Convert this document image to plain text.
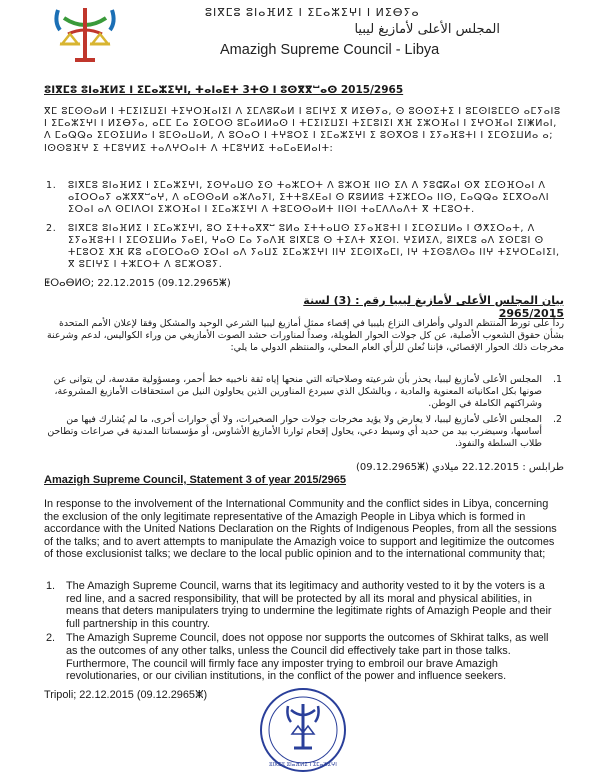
ⵓⵏⴳⵎⵓ ⵓⵏⴰⴼⵍⵉ ⵏ ⵉⵎⴰⵣⵉⵖⵏ ⵏ ⵍⵉⴱⵢⴰ
المجلس الأعلى لأمازيغ ليبيا
Amazigh Supreme Council - Libya
ⵓⵏⴳⵎⵓ ⵓⵏⴰⴼⵍⵉ ⵏ ⵉⵎⴰⵣⵉⵖⵏ, ⵜⴰⵏⴰⴹⵜ 3ⵜⵙ ⵏ ⵓⵙⴳⴳⵯⴰⵙ 2015/2965
ⴳⵎ ⵓⵎⵙⵙⴰⵍ ⵏ ⵜⵎⵉⵏⵉⵡⵉⵏ ⵜⵉⵖⵔⴼⴰⵏⵉⵏ ⴷ ⵉⵎⴷⵓⴽⴰⵍ ⵏ ⵓⵎⵏⵖⵉ ⴳ ⵍⵉⴱⵢⴰ, ⵙ ⵓⵙⵙⵉⵜⵉ ⵏ ⵓⵎⵙⵏⵓⵎⵎⵙ ⴰⵎⵢⴰⵏⵓ ⵏ ⵉⵎⴰⵣⵉⵖⵏ ⵏ ⵍⵉⴱⵢⴰ, ⴰⵎⵎ ⵎⴰ ⵉⵙⵎⵔⵙ ⵓⵎⴰⵍⵍⴰⵙ ⵏ ⵜⵎⵉⵏⵉⵡⵉⵏ ⵜⵉⵎⵓⵏⵉⵏ ⵅⴼ ⵉⵣⵔⴼⴰⵏ ⵏ ⵉⵖⵔⴼⴰⵏ ⵉⵏⵥⵍⴰⵏ, ⴷ ⵎⴰⵕⵕⴰ ⵉⵎⵙⵉⵡⵍⴰ ⵏ ⵓⵎⵙⴰⵡⴰⵍ, ⴷ ⵓⵔⴰⵔ ⵏ ⵜⵖⵓⵔⵉ ⵏ ⵉⵎⴰⵣⵉⵖⵏ ⵉ ⵓⵙⴳⵔⵓ ⵏ ⵉⵢⴰⴼⵓⵜⵏ ⵏ ⵉⵎⵙⵉⵡⵍⴰ ⴰ; ⵏⵙⵙⵓⴼⵖ ⵉ ⵜⵎⵓⵖⵍⵉ ⵜⴰⴷⵖⵔⴰⵏⵜ ⴷ ⵜⵎⵓⵖⵍⵉ ⵜⴰⵎⴰⴹⵍⴰⵏⵜ:
1. ⵓⵏⴳⵎⵓ ⵓⵏⴰⴼⵍⵉ ⵏ ⵉⵎⴰⵣⵉⵖⵏ, ⵉⵙⵖⴰⵡⵙ ⵉⵙ ⵜⴰⵣⵎⵔⵜ ⴷ ⵓⵣⵔⴼ ⵏⵏⵙ ⵉⴷ ⴷ ⵢⵓⵛⴽⴰⵏ ⵙⴳ ⵉⵎⵙⴼⵔⴰⵏ ⴷ ⴰⵊⵔⵔⴰⵢ ⴰⵣⴳⴳⵯⴰⵖ, ⴷ ⴰⵎⵙⵙⴰⵍ ⴰⵣⴷⴰⵢⵏ, ⵉⵜⵜⵓⵃⴹⴰⵏ ⵙ ⴽⵓⵍⵍⵓ ⵜⵉⵣⵎⵔⴰ ⵏⵏⵙ, ⵎⴰⵕⵕⴰ ⵉⵎⴳⵔⴰⴷⵏ ⵉⵔⴰⵏ ⴰⴷ ⵙⵎⵏⴷⵔⵏ ⵉⵣⵔⴼⴰⵏ ⵏ ⵉⵎⴰⵣⵉⵖⵏ ⴷ ⵜⵓⵎⵙⵙⴰⵍⵜ ⵏⵏⵙⵏ ⵜⴰⵎⴷⴷⴰⴷⵜ ⴳ ⵜⵎⵓⵔⵜ.
2. ⵓⵏⴳⵎⵓ ⵓⵏⴰⴼⵍⵉ ⵏ ⵉⵎⴰⵣⵉⵖⵏ, ⵓⵔ ⵉⵜⵜⴰⴳⴳⵯ ⵓⵍⴰ ⵉⵜⵜⴰⵡⵙ ⵉⵢⴰⴼⵓⵜⵏ ⵏ ⵉⵎⵙⵉⵡⵍⴰ ⵏ ⵚⵅⵉⵔⴰⵜ, ⴷ ⵉⵢⴰⴼⵓⵜⵏ ⵏ ⵉⵎⵙⵉⵡⵍⴰ ⵢⴰⴹⵏ, ⵖⴰⵙ ⵎⴰ ⵢⴰⴷⴼ ⵓⵏⴳⵎⵓ ⵙ ⵜⵉⴷⵜ ⴳⵉⵙⵏ. ⵖⵉⵍⵉⴷ, ⵓⵏⴳⵎⵓ ⴰⴷ ⵉⵙⵎⵓⵏ ⵙ ⵜⵎⵓⵔⵉ ⵅⴼ ⴽⵓ ⴰⵎⵙⵎⵔⴰⵙ ⵉⵔⴰⵏ ⴰⴷ ⵢⴰⵡⵉ ⵉⵎⴰⵣⵉⵖⵏ ⵏⵏⵖ ⵉⵎⵙⵏⴳⴰⵎⵏ, ⵏⵖ ⵜⵉⵙⵓⴷⵙⴰ ⵏⵏⵖ ⵜⵉⵖⵔⵎⴰⵏⵉⵏ, ⴳ ⵓⵎⵏⵖⵉ ⵏ ⵜⵣⵎⵔⵜ ⴷ ⵓⵎⵣⵔⵓⵢ.
ⵟⵔⴰⴱⵍⵙ; 22.12.2015 (09.12.2965ⵥ)
بيان المجلس الأعلى لأمازيغ ليبيا رقم : (3) لسنة 2965/2015
رداً على تورط المنتظم الدولي وأطراف النزاع بليبيا في إقصاء ممثل أمازيغ ليبيا الشرعي الوحيد والمشكل وفقا لإعلان الأمم المتحدة بشأن حقوق الشعوب الأصلية، عن كل جولات الحوار الطويلة، وصداً لمناورات حشد الصوت الأمازيغي من وراء الكواليس، لدعم وشرعنة مخرجات ذلك الحوار الإقصائي، فإننا نُعلن للرأي العام المحلي، والمنتظم الدولي ما يلي:
1.
المجلس الأعلى لأمازيغ ليبيا، يحذر بأن شرعيته وصلاحياته التي منحها إياه ثقة ناخبيه خط أحمر، ومسؤولية مقدسة، لن يتوانى عن صونها بكل امكانياته المعنوية والمادية ، وبالشكل الذي سيردع المناورين الذين يحاولون النيل من استحقاقات الأمازيغ المشروعة، وشراكتهم الكاملة في الوطن.
2.
المجلس الأعلى لأمازيغ ليبيا، لا يعارض ولا يؤيد مخرجات جولات حوار الصخيرات، ولا أي حوارات أخرى، ما لم يُشارك فيها من أساسها، وسيضرب بيد من حديد أي وسيط دعي، يحاول إقحام ثوارنا الأمازيغ الأشاوس، أو مؤسساتنا المدنية في صراعات وتطاحن طلاب السلطة والنفوذ.
طرابلس : 22.12.2015 ميلادي (09.12.2965ⵥ)
Amazigh Supreme Council, Statement 3 of year 2015/2965
In response to the involvement of the International Community and the conflict sides in Libya, concerning the exclusion of the only legitimate representative of the Amazigh People in Libya which is formed in accordance with the United Nations Declaration on the Rights of Indigenous Peoples, from all the sessions of the talks; and to avert attempts to manipulate the Amazigh voice to support and legitimize the outcomes of those exclusionist talks; we declare to the local public opinion and to the international community that;
1. The Amazigh Supreme Council, warns that its legitimacy and authority vested to it by the voters is a red line, and a sacred responsibility, that will be protected by all its moral and physical abilities, in means that deters manipulaters trying to undermine the legitimate rights of Amazigh People and their full partnership in this country.
2. The Amazigh Supreme Council, does not oppose nor supports the outcomes of Skhirat talks, as well as the outcomes of any other talks, unless the Council did effectively take part in those talks. Furthermore, The council will firmly face any imposter trying to embroil our brave Amazigh revolutionaries, or our civilian institutions, in the conflict of the power and influence seekers.
Tripoli; 22.12.2015 (09.12.2965ⵥ)
ⵓⵏⴳⵎⵓ ⵓⵏⴰⴼⵍⵉ ⵏ ⵉⵎⴰⵣⵉⵖⵏ
